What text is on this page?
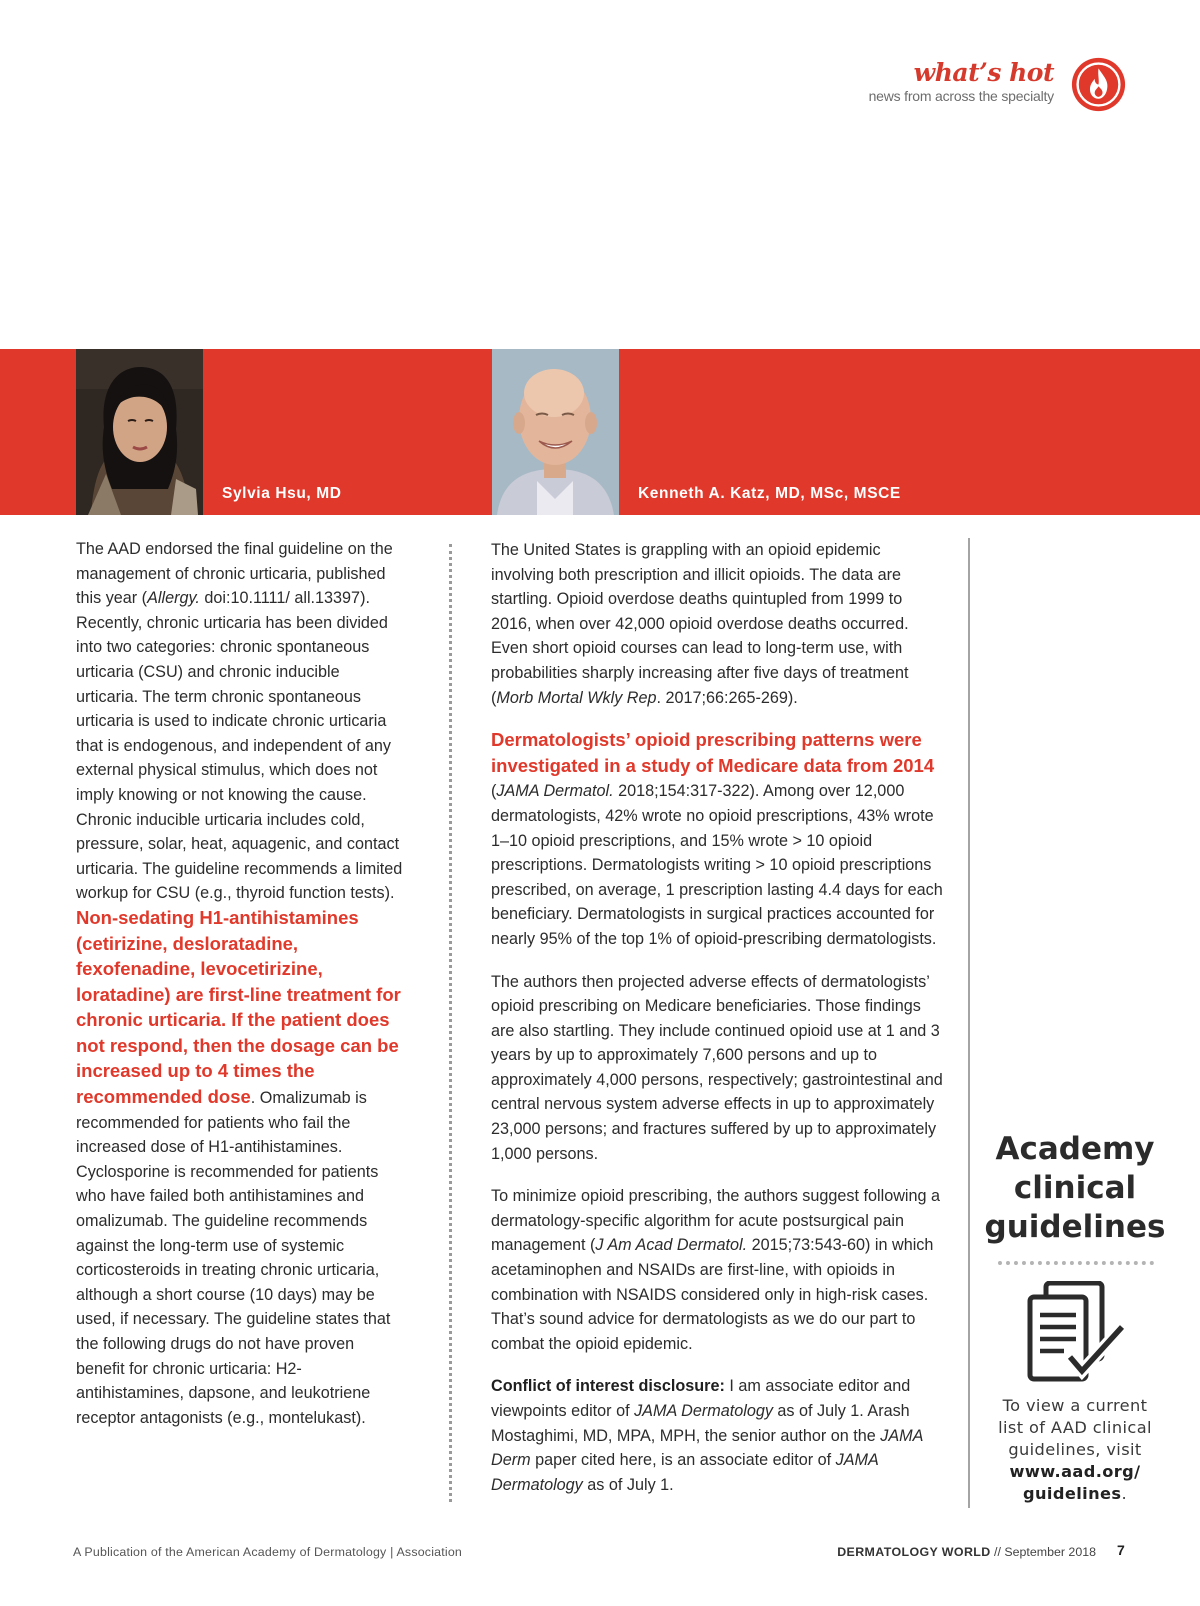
what’s hot
news from across the specialty
Sylvia Hsu, MD	Kenneth A. Katz, MD, MSc, MSCE

The AAD endorsed the final guideline on the management of chronic urticaria, published this year (Allergy. doi:10.1111/ all.13397). Recently, chronic urticaria has been divided into two categories: chronic spontaneous urticaria (CSU) and chronic inducible urticaria. The term chronic spontaneous urticaria is used to indicate chronic urticaria that is endogenous, and independent of any external physical stimulus, which does not imply knowing or not knowing the cause. Chronic inducible urticaria includes cold, pressure, solar, heat, aquagenic, and contact urticaria. The guideline recommends a limited workup for CSU (e.g., thyroid function tests). Non-sedating H1-antihistamines (cetirizine, desloratadine, fexofenadine, levocetirizine, loratadine) are first-line treatment for chronic urticaria. If the patient does not respond, then the dosage can be increased up to 4 times the recommended dose. Omalizumab is recommended for patients who fail the increased dose of H1-antihistamines. Cyclosporine is recommended for patients who have failed both antihistamines and omalizumab. The guideline recommends against the long-term use of systemic corticosteroids in treating chronic urticaria, although a short course (10 days) may be used, if necessary. The guideline states that the following drugs do not have proven benefit for chronic urticaria: H2-antihistamines, dapsone, and leukotriene receptor antagonists (e.g., montelukast).

The United States is grappling with an opioid epidemic involving both prescription and illicit opioids. The data are startling. Opioid overdose deaths quintupled from 1999 to 2016, when over 42,000 opioid overdose deaths occurred. Even short opioid courses can lead to long-term use, with probabilities sharply increasing after five days of treatment (Morb Mortal Wkly Rep. 2017;66:265-269).

Dermatologists’ opioid prescribing patterns were investigated in a study of Medicare data from 2014 (JAMA Dermatol. 2018;154:317-322). Among over 12,000 dermatologists, 42% wrote no opioid prescriptions, 43% wrote 1–10 opioid prescriptions, and 15% wrote > 10 opioid prescriptions. Dermatologists writing > 10 opioid prescriptions prescribed, on average, 1 prescription lasting 4.4 days for each beneficiary. Dermatologists in surgical practices accounted for nearly 95% of the top 1% of opioid-prescribing dermatologists.

The authors then projected adverse effects of dermatologists’ opioid prescribing on Medicare beneficiaries. Those findings are also startling. They include continued opioid use at 1 and 3 years by up to approximately 7,600 persons and up to approximately 4,000 persons, respectively; gastrointestinal and central nervous system adverse effects in up to approximately 23,000 persons; and fractures suffered by up to approximately 1,000 persons.

To minimize opioid prescribing, the authors suggest following a dermatology-specific algorithm for acute postsurgical pain management (J Am Acad Dermatol. 2015;73:543-60) in which acetaminophen and NSAIDs are first-line, with opioids in combination with NSAIDS considered only in high-risk cases. That’s sound advice for dermatologists as we do our part to combat the opioid epidemic.

Conflict of interest disclosure: I am associate editor and viewpoints editor of JAMA Dermatology as of July 1. Arash Mostaghimi, MD, MPA, MPH, the senior author on the JAMA Derm paper cited here, is an associate editor of JAMA Dermatology as of July 1.

Academy
clinical
guidelines
To view a current list of AAD clinical guidelines, visit www.aad.org/ guidelines.
A Publication of the American Academy of Dermatology | Association	DERMATOLOGY WORLD // September 2018 7
